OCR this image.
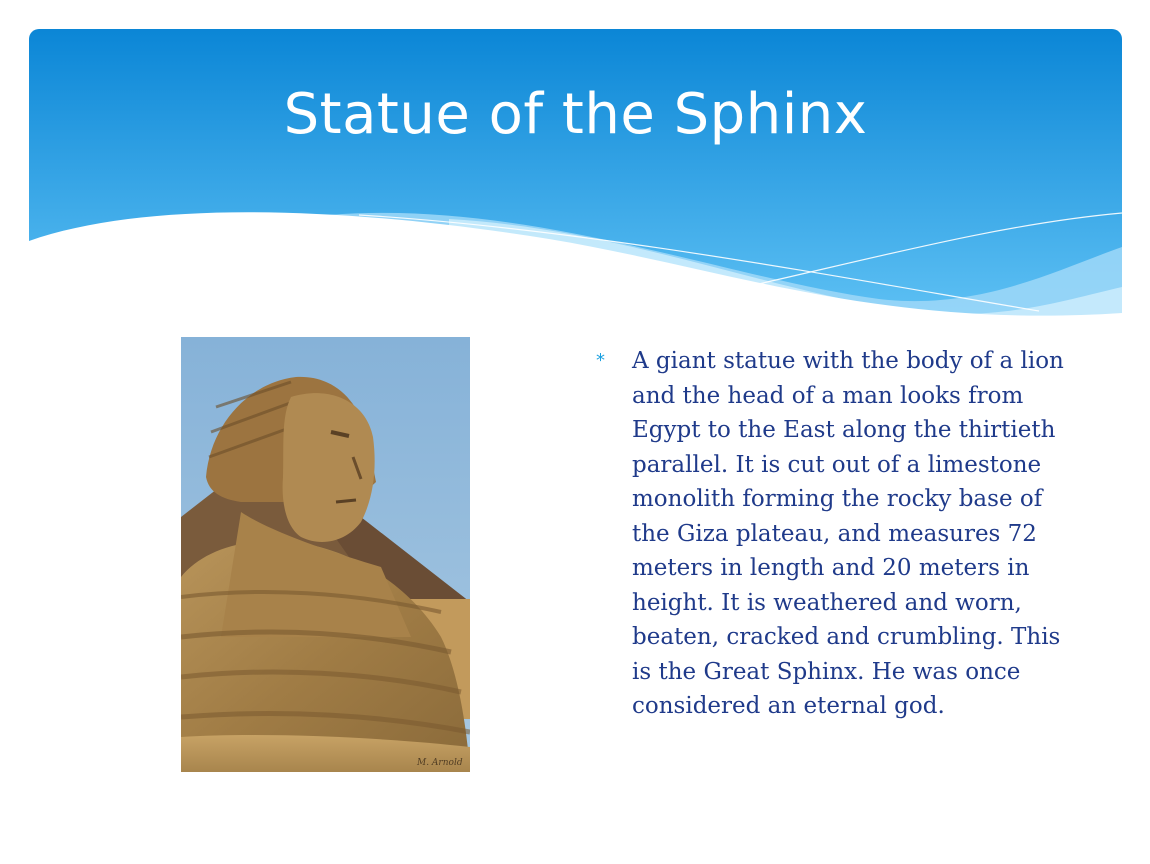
Statue of the Sphinx
M. Arnold
* A giant statue with the body of a lion and the head of a man looks from Egypt to the East along the thirtieth parallel. It is cut out of a limestone monolith forming the rocky base of the Giza plateau, and measures 72 meters in length and 20 meters in height. It is weathered and worn, beaten, cracked and crumbling. This is the Great Sphinx. He was once considered an eternal god.
